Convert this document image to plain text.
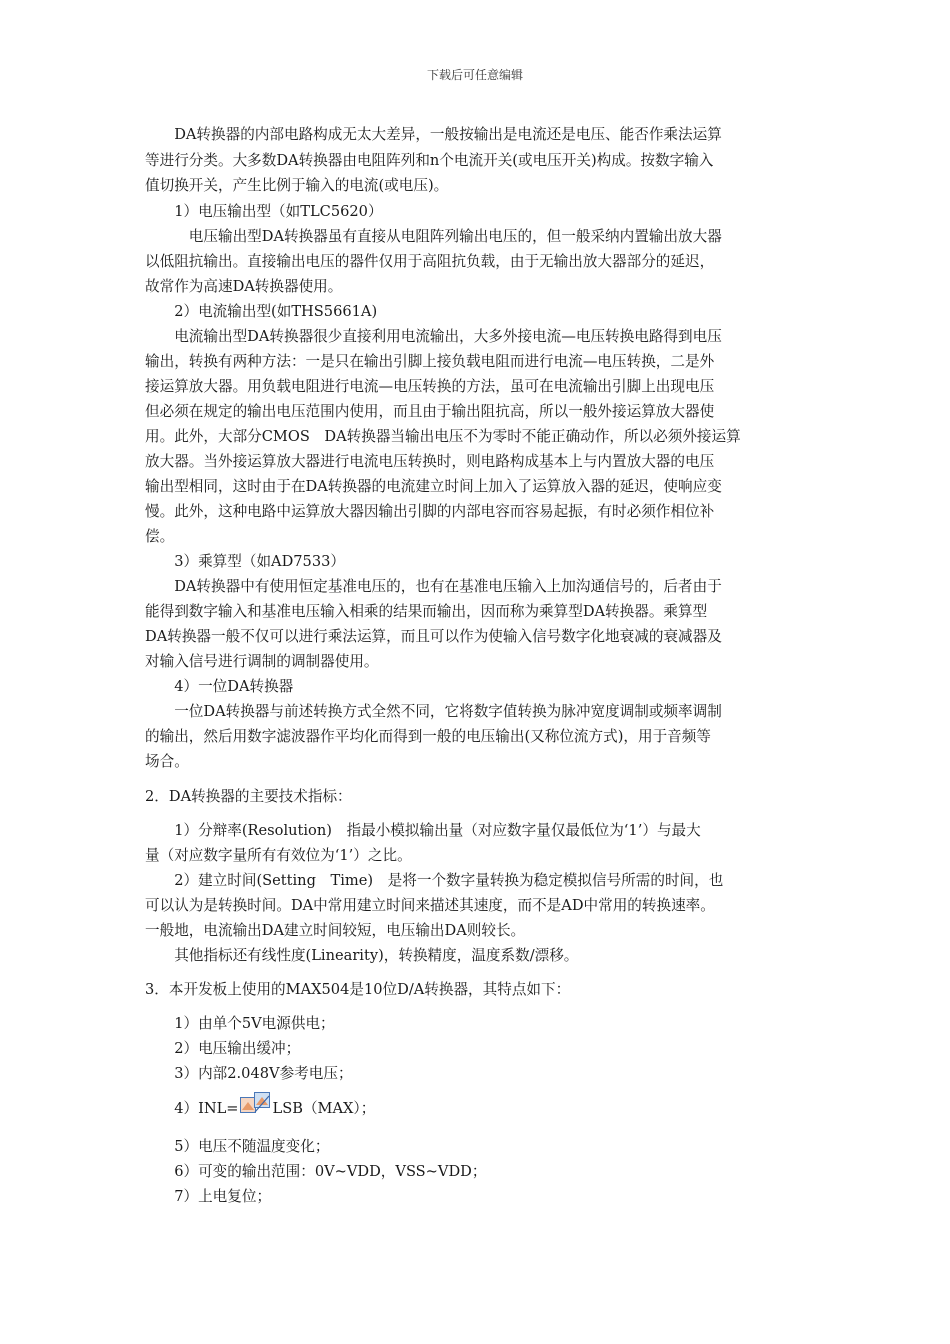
下载后可任意编辑
　　DA转换器的内部电路构成无太大差异，一般按输出是电流还是电压、能否作乘法运算
等进行分类。大多数DA转换器由电阻阵列和n个电流开关(或电压开关)构成。按数字输入
值切换开关，产生比例于输入的电流(或电压)。
　　1）电压输出型（如TLC5620）
　　　电压输出型DA转换器虽有直接从电阻阵列输出电压的，但一般采纳内置输出放大器
以低阻抗输出。直接输出电压的器件仅用于高阻抗负载，由于无输出放大器部分的延迟，
故常作为高速DA转换器使用。
　　2）电流输出型(如THS5661A)
　　电流输出型DA转换器很少直接利用电流输出，大多外接电流—电压转换电路得到电压
输出，转换有两种方法：一是只在输出引脚上接负载电阻而进行电流—电压转换，二是外
接运算放大器。用负载电阻进行电流—电压转换的方法，虽可在电流输出引脚上出现电压
但必须在规定的输出电压范围内使用，而且由于输出阻抗高，所以一般外接运算放大器使
用。此外，大部分CMOS　DA转换器当输出电压不为零时不能正确动作，所以必须外接运算
放大器。当外接运算放大器进行电流电压转换时，则电路构成基本上与内置放大器的电压
输出型相同，这时由于在DA转换器的电流建立时间上加入了运算放入器的延迟，使响应变
慢。此外，这种电路中运算放大器因输出引脚的内部电容而容易起振，有时必须作相位补
偿。
　　3）乘算型（如AD7533）
　　DA转换器中有使用恒定基准电压的，也有在基准电压输入上加沟通信号的，后者由于
能得到数字输入和基准电压输入相乘的结果而输出，因而称为乘算型DA转换器。乘算型
DA转换器一般不仅可以进行乘法运算，而且可以作为使输入信号数字化地衰减的衰减器及
对输入信号进行调制的调制器使用。
　　4）一位DA转换器
　　一位DA转换器与前述转换方式全然不同，它将数字值转换为脉冲宽度调制或频率调制
的输出，然后用数字滤波器作平均化而得到一般的电压输出(又称位流方式)，用于音频等
场合。
2．DA转换器的主要技术指标：
　　1）分辩率(Resolution)　指最小模拟输出量（对应数字量仅最低位为‘1’）与最大
量（对应数字量所有有效位为‘1’）之比。
　　2）建立时间(Setting　Time)　是将一个数字量转换为稳定模拟信号所需的时间，也
可以认为是转换时间。DA中常用建立时间来描述其速度，而不是AD中常用的转换速率。
一般地，电流输出DA建立时间较短，电压输出DA则较长。
　　其他指标还有线性度(Linearity)，转换精度，温度系数/漂移。
3．本开发板上使用的MAX504是10位D/A转换器，其特点如下：
　　1）由单个5V电源供电；
　　2）电压输出缓冲；
　　3）内部2.048V参考电压；
　　4）INL= LSB（MAX）；
　　5）电压不随温度变化；
　　6）可变的输出范围：0V~VDD，VSS~VDD；
　　7）上电复位；
